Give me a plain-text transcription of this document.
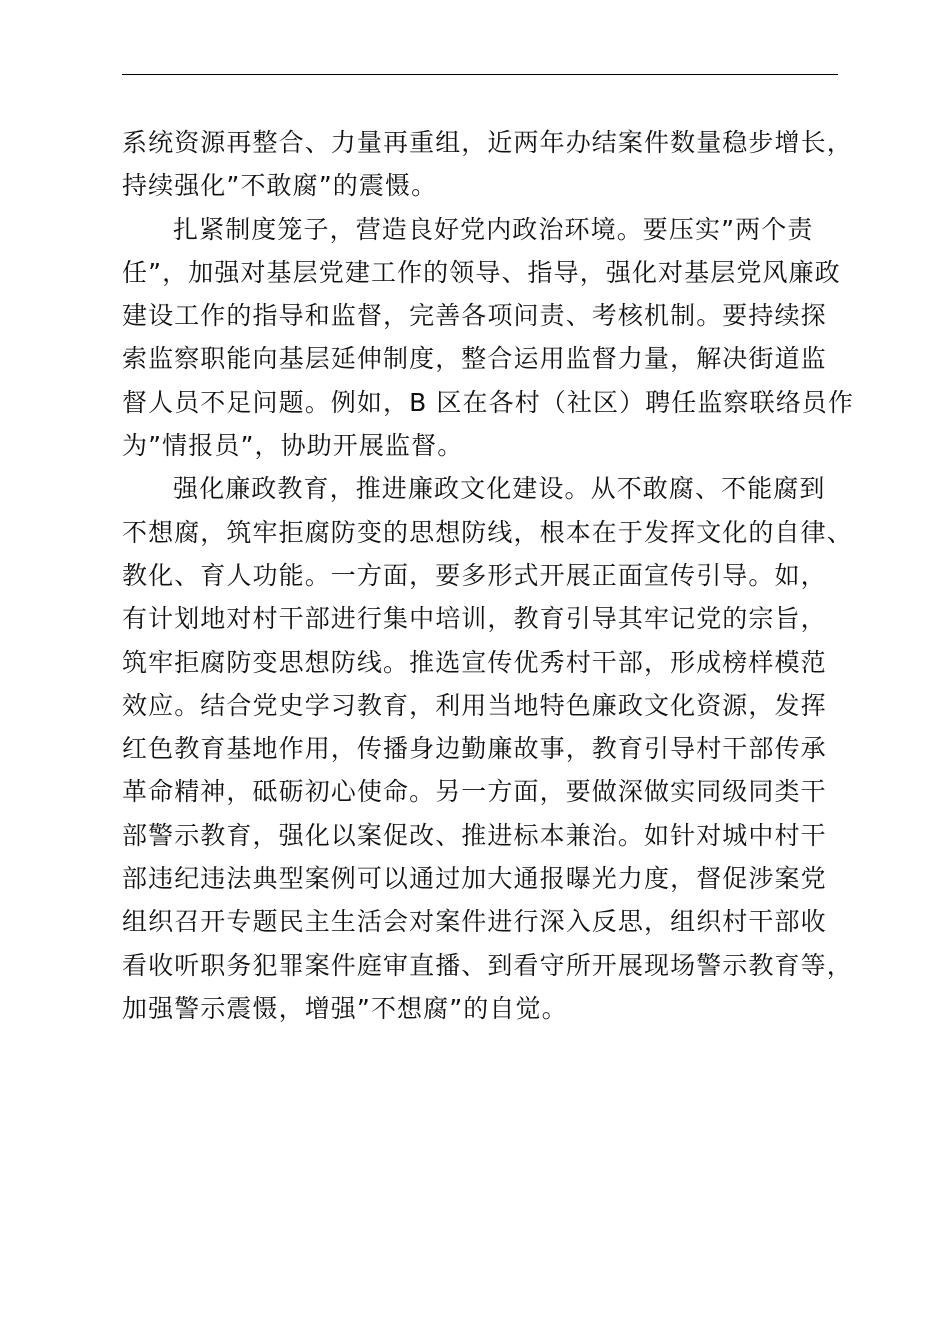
系统资源再整合、力量再重组，近两年办结案件数量稳步增长，
持续强化”不敢腐”的震慑。
扎紧制度笼子，营造良好党内政治环境。要压实”两个责
任”，加强对基层党建工作的领导、指导，强化对基层党风廉政
建设工作的指导和监督，完善各项问责、考核机制。要持续探
索监察职能向基层延伸制度，整合运用监督力量，解决街道监
督人员不足问题。例如，B 区在各村（社区）聘任监察联络员作
为”情报员”，协助开展监督。
强化廉政教育，推进廉政文化建设。从不敢腐、不能腐到
不想腐，筑牢拒腐防变的思想防线，根本在于发挥文化的自律、
教化、育人功能。一方面，要多形式开展正面宣传引导。如，
有计划地对村干部进行集中培训，教育引导其牢记党的宗旨，
筑牢拒腐防变思想防线。推选宣传优秀村干部，形成榜样模范
效应。结合党史学习教育，利用当地特色廉政文化资源，发挥
红色教育基地作用，传播身边勤廉故事，教育引导村干部传承
革命精神，砥砺初心使命。另一方面，要做深做实同级同类干
部警示教育，强化以案促改、推进标本兼治。如针对城中村干
部违纪违法典型案例可以通过加大通报曝光力度，督促涉案党
组织召开专题民主生活会对案件进行深入反思，组织村干部收
看收听职务犯罪案件庭审直播、到看守所开展现场警示教育等，
加强警示震慑，增强”不想腐”的自觉。
